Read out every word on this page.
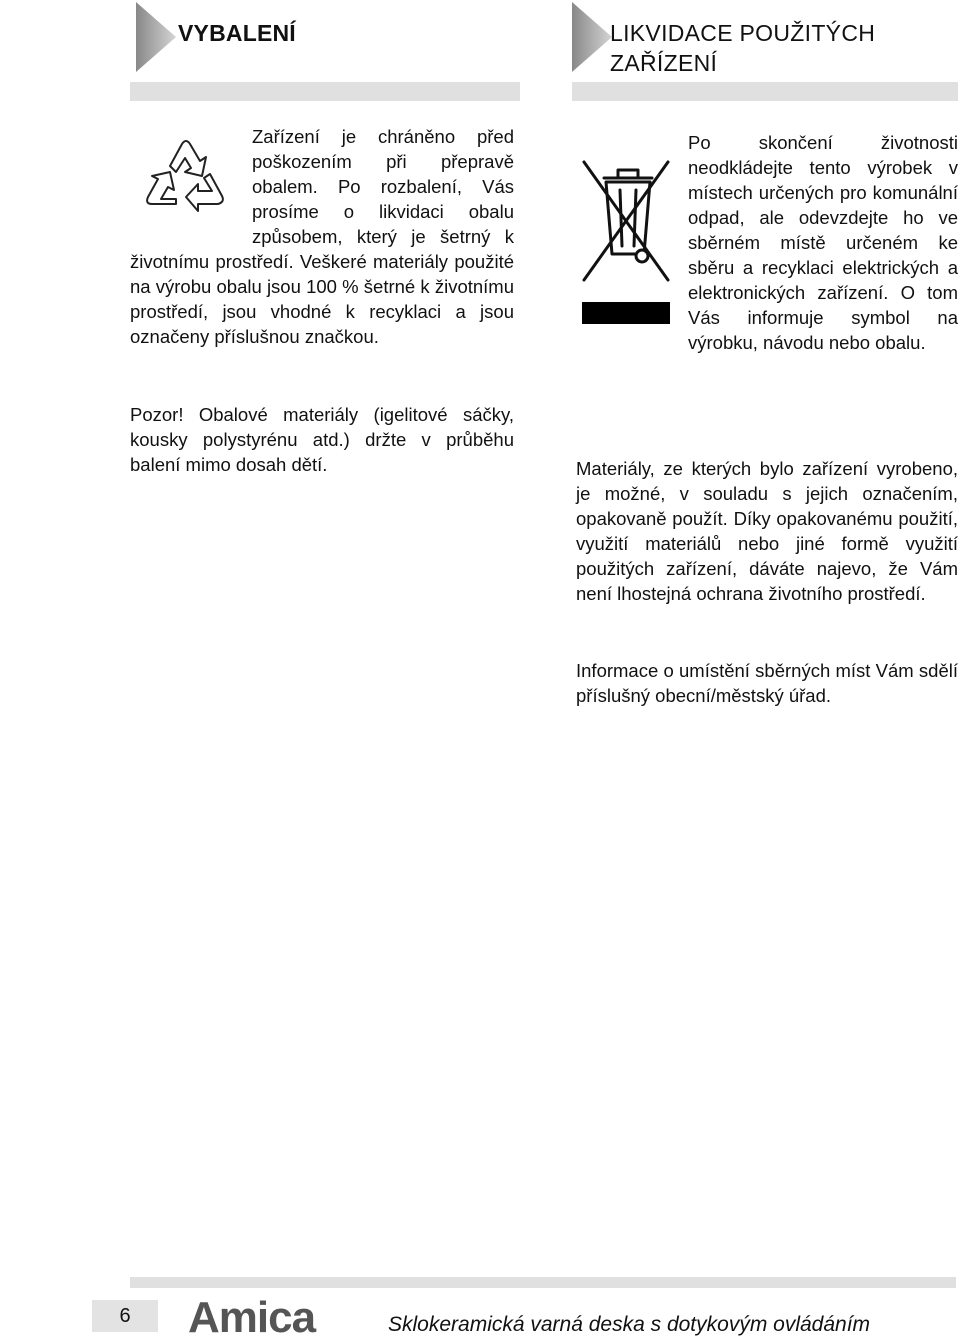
VYBALENÍ

Zařízení je chráněno před poškozením při přepravě obalem. Po rozbalení, Vás prosíme o likvidaci obalu způsobem, který je šetrný k životnímu prostředí. Veškeré materiály použité na výrobu obalu jsou 100 % šetrné k životnímu prostředí, jsou vhodné k recyklaci a jsou označeny příslušnou značkou.

Pozor! Obalové materiály (igelitové sáčky, kousky polystyrénu atd.) držte v průběhu balení mimo dosah dětí.
LIKVIDACE POUŽITÝCH
ZAŘÍZENÍ

Po skončení životnosti neodkládejte tento výrobek v místech určených pro komunální odpad, ale odevzdejte ho ve sběrném místě určeném ke sběru a recyklaci elektrických a elektronických zařízení. O tom Vás informuje symbol na výrobku, návodu nebo obalu.

Materiály, ze kterých bylo zařízení vyrobeno, je možné, v souladu s jejich označením, opakovaně použít. Díky opakovanému použití, využití materiálů nebo jiné formě využití použitých zařízení, dáváte najevo, že Vám není lhostejná ochrana životního prostředí.
Informace o umístění sběrných míst Vám sdělí příslušný obecní/městský úřad.
6	Amica	Sklokeramická varná deska s dotykovým ovládáním
